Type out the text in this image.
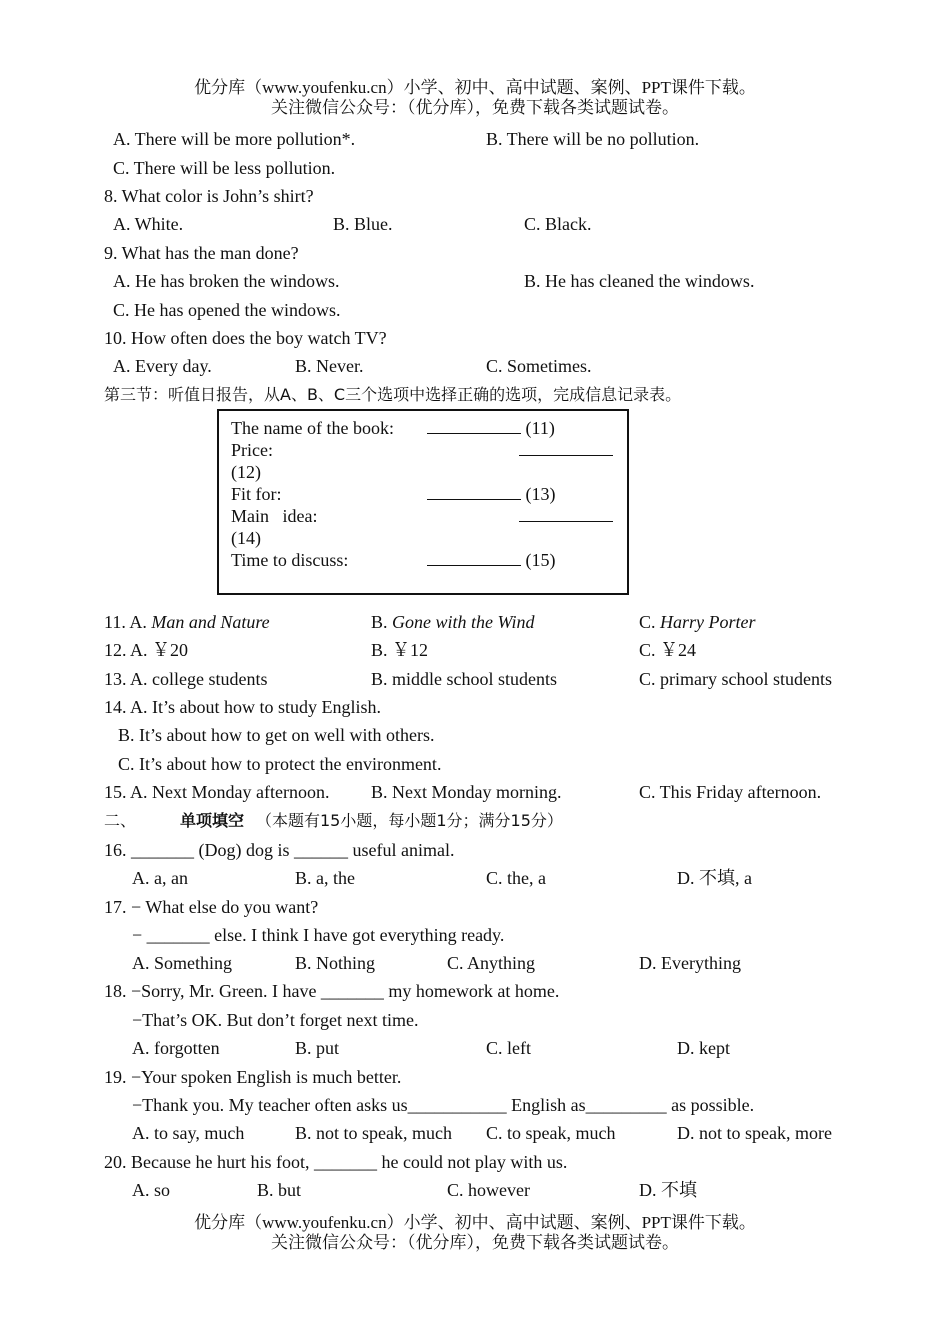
优分库（www.youfenku.cn）小学、初中、高中试题、案例、PPT课件下载。
关注微信公众号：（优分库），免费下载各类试题试卷。
A. There will be more pollution*.	B. There will be no pollution.
C. There will be less pollution.
8. What color is John’s shirt?
A. White.	B. Blue.	C. Black.
9. What has the man done?
A. He has broken the windows.	B. He has cleaned the windows.
C. He has opened the windows.
10. How often does the boy watch TV?
A. Every day.	B. Never.	C. Sometimes.
第三节：听值日报告，从A、B、C三个选项中选择正确的选项，完成信息记录表。
The name of the book:	(11)
Price:
(12)
Fit for:	(13)
Main idea:
(14)
Time to discuss:	(15)
11. A. Man and Nature	B. Gone with the Wind	C. Harry Porter
12. A. ￥20	B. ￥12	C. ￥24
13. A. college students	B. middle school students	C. primary school students
14. A. It’s about how to study English.
B. It’s about how to get on well with others.
C. It’s about how to protect the environment.
15. A. Next Monday afternoon. B. Next Monday morning.	C. This Friday afternoon.
二、	单项填空 （本题有15小题，每小题1分；满分15分）
16. _______ (Dog) dog is ______ useful animal.
A. a, an	B. a, the	C. the, a	D. 不填, a
17. − What else do you want?
− _______ else. I think I have got everything ready.
A. Something	B. Nothing	C. Anything	D. Everything
18. −Sorry, Mr. Green. I have _______ my homework at home.
−That’s OK. But don’t forget next time.
A. forgotten	B. put	C. left	D. kept
19. −Your spoken English is much better.
−Thank you. My teacher often asks us___________ English as_________ as possible.
A. to say, much	B. not to speak, much C. to speak, much	D. not to speak, more
20. Because he hurt his foot, _______ he could not play with us.
A. so	B. but	C. however	D. 不填
优分库（www.youfenku.cn）小学、初中、高中试题、案例、PPT课件下载。
关注微信公众号：（优分库），免费下载各类试题试卷。
